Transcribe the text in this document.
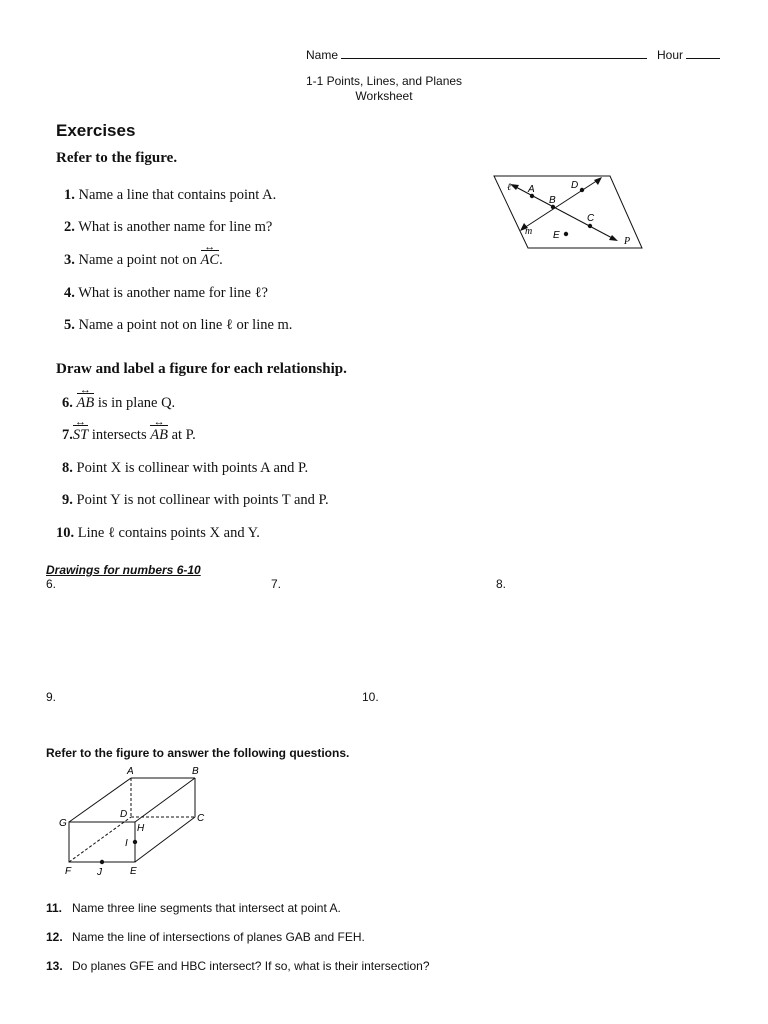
Name	Hour
1-1 Points, Lines, and Planes
Worksheet
Exercises
Refer to the figure.
1. Name a line that contains point A.
2. What is another name for line m?
3. Name a point not on AC ↔.
4. What is another name for line ℓ?
5. Name a point not on line ℓ or line m.
ℓ A	D
B
C
m E
P
Draw and label a figure for each relationship.
6. AB ↔ is in plane Q.
7.ST ↔ intersects AB ↔ at P.
8. Point X is collinear with points A and P.
9. Point Y is not collinear with points T and P.
10. Line ℓ contains points X and Y.
Drawings for numbers 6-10
6.	7.	8.
9.	10.
Refer to the figure to answer the following questions.
A	B
G
D	C
H
I
F	J	E
11. Name three line segments that intersect at point A.
12. Name the line of intersections of planes GAB and FEH.
13. Do planes GFE and HBC intersect? If so, what is their intersection?
